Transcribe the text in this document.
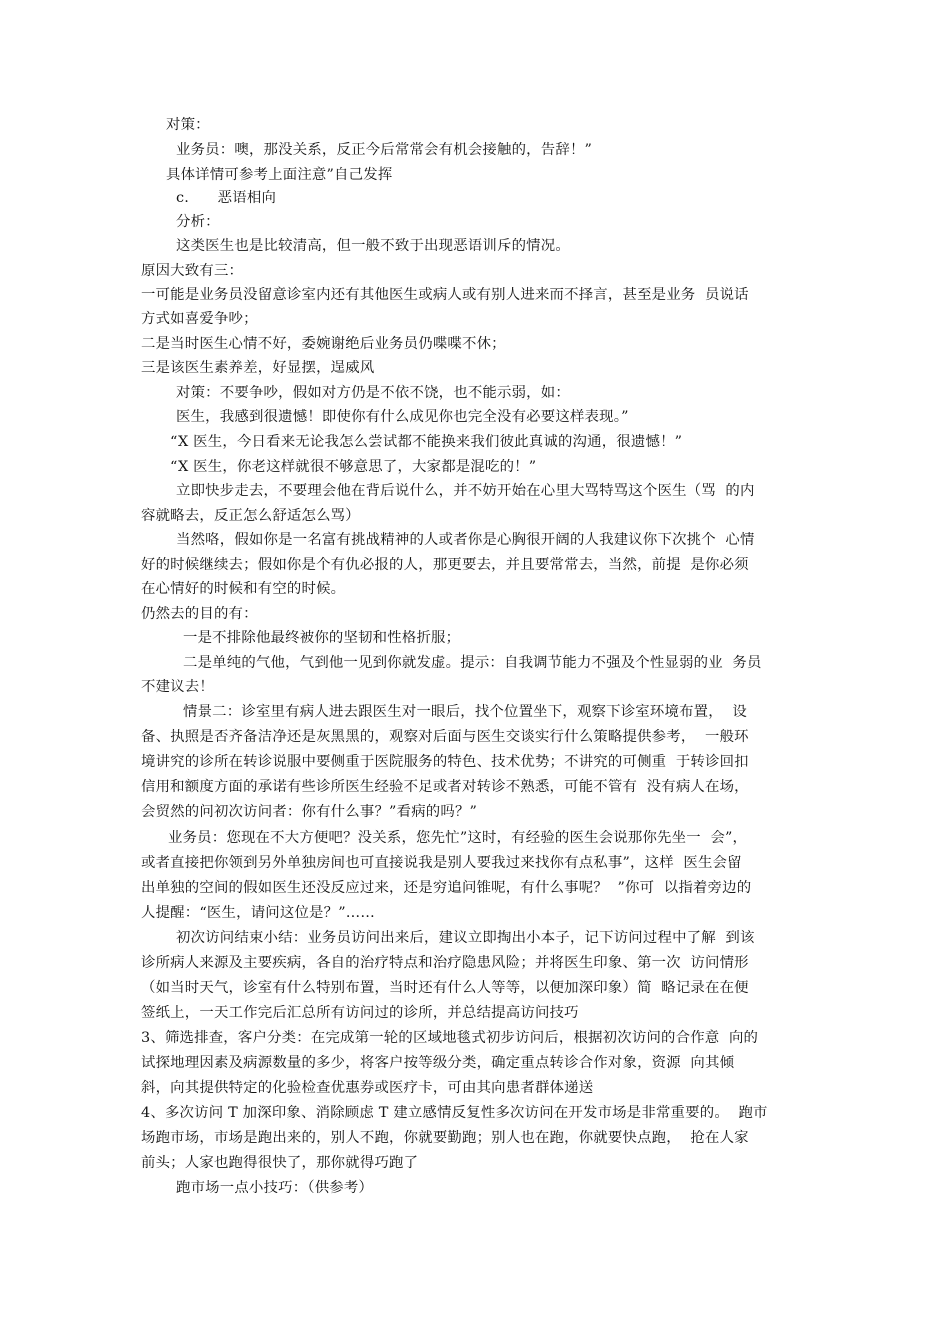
对策：
业务员：噢，那没关系，反正今后常常会有机会接触的，告辞！”
具体详情可参考上面注意”自己发挥
c.      恶语相向
分析：
这类医生也是比较清高，但一般不致于出现恶语训斥的情况。
原因大致有三：
一可能是业务员没留意诊室内还有其他医生或病人或有别人进来而不择言，甚至是业务  员说话
方式如喜爱争吵；
二是当时医生心情不好，委婉谢绝后业务员仍喋喋不休；
三是该医生素养差，好显摆，逞威风
对策：不要争吵，假如对方仍是不依不饶，也不能示弱，如：
医生，我感到很遗憾！即使你有什么成见你也完全没有必要这样表现。”
“X 医生，今日看来无论我怎么尝试都不能换来我们彼此真诚的沟通，很遗憾！”
“X 医生，你老这样就很不够意思了，大家都是混吃的！”
立即快步走去，不要理会他在背后说什么，并不妨开始在心里大骂特骂这个医生（骂  的内
容就略去，反正怎么舒适怎么骂）
当然咯，假如你是一名富有挑战精神的人或者你是心胸很开阔的人我建议你下次挑个  心情
好的时候继续去；假如你是个有仇必报的人，那更要去，并且要常常去，当然，前提  是你必须
在心情好的时候和有空的时候。
仍然去的目的有：
一是不排除他最终被你的坚韧和性格折服；
二是单纯的气他，气到他一见到你就发虚。提示：自我调节能力不强及个性显弱的业  务员
不建议去！
情景二：诊室里有病人进去跟医生对一眼后，找个位置坐下，观察下诊室环境布置，  设
备、执照是否齐备洁净还是灰黑黑的，观察对后面与医生交谈实行什么策略提供参考，  一般环
境讲究的诊所在转诊说服中要侧重于医院服务的特色、技术优势；不讲究的可侧重  于转诊回扣
信用和额度方面的承诺有些诊所医生经验不足或者对转诊不熟悉，可能不管有  没有病人在场，
会贸然的问初次访问者：你有什么事？”看病的吗？”
业务员：您现在不大方便吧？没关系，您先忙”这时，有经验的医生会说那你先坐一  会”，
或者直接把你领到另外单独房间也可直接说我是别人要我过来找你有点私事”，这样  医生会留
出单独的空间的假如医生还没反应过来，还是穷追问锥呢，有什么事呢？  ”你可  以指着旁边的
人提醒：“医生，请问这位是？”……
初次访问结束小结：业务员访问出来后，建议立即掏出小本子，记下访问过程中了解  到该
诊所病人来源及主要疾病，各自的治疗特点和治疗隐患风险；并将医生印象、第一次  访问情形
（如当时天气，诊室有什么特别布置，当时还有什么人等等，以便加深印象）简  略记录在在便
签纸上，一天工作完后汇总所有访问过的诊所，并总结提高访问技巧
3、筛选排查，客户分类：在完成第一轮的区域地毯式初步访问后，根据初次访问的合作意  向的
试探地理因素及病源数量的多少，将客户按等级分类，确定重点转诊合作对象，资源  向其倾
斜，向其提供特定的化验检查优惠券或医疗卡，可由其向患者群体递送
4、多次访问 T 加深印象、消除顾虑 T 建立感情反复性多次访问在开发市场是非常重要的。  跑市
场跑市场，市场是跑出来的，别人不跑，你就要勤跑；别人也在跑，你就要快点跑，  抢在人家
前头；人家也跑得很快了，那你就得巧跑了
跑市场一点小技巧：（供参考）
